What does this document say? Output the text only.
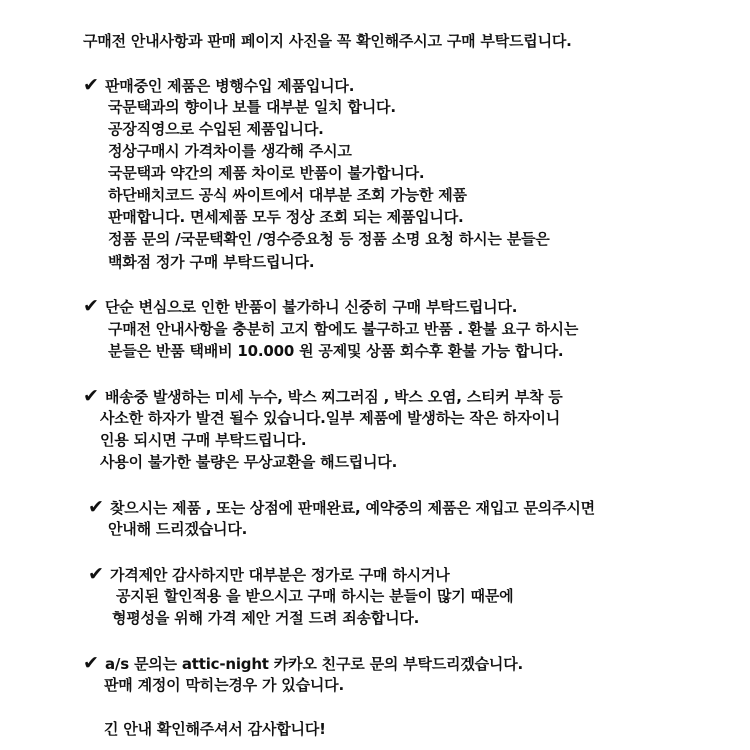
구매전 안내사항과 판매 페이지 사진을 꼭 확인해주시고 구매 부탁드립니다.
✔ 판매중인 제품은 병행수입 제품입니다.
국문택과의 향이나 보틀 대부분 일치 합니다.
공장직영으로 수입된 제품입니다.
정상구매시 가격차이를 생각해 주시고
국문택과 약간의 제품 차이로 반품이 불가합니다.
하단배치코드 공식 싸이트에서 대부분 조회 가능한 제품
판매합니다. 면세제품 모두 정상 조회 되는 제품입니다.
정품 문의 /국문택확인 /영수증요청 등 정품 소명 요청 하시는 분들은
백화점 정가 구매 부탁드립니다.
✔ 단순 변심으로 인한 반품이 불가하니 신중히 구매 부탁드립니다.
구매전 안내사항을 충분히 고지 함에도 불구하고 반품 . 환불 요구 하시는
분들은 반품 택배비 10.000 원 공제및 상품 회수후 환불 가능 합니다.
✔ 배송중 발생하는 미세 누수, 박스 찌그러짐 , 박스 오염, 스티커 부착 등
사소한 하자가 발견 될수 있습니다.일부 제품에 발생하는 작은 하자이니
인용 되시면 구매 부탁드립니다.
사용이 불가한 불량은 무상교환을 해드립니다.
✔ 찾으시는 제품 , 또는 상점에 판매완료, 예약중의 제품은 재입고 문의주시면
안내해 드리겠습니다.
✔ 가격제안 감사하지만 대부분은 정가로 구매 하시거나
공지된 할인적용 을 받으시고 구매 하시는 분들이 많기 때문에
형평성을 위해 가격 제안 거절 드려 죄송합니다.
✔ a/s 문의는 attic-night 카카오 친구로 문의 부탁드리겠습니다.
판매 계정이 막히는경우 가 있습니다.
긴 안내 확인해주셔서 감사합니다!
